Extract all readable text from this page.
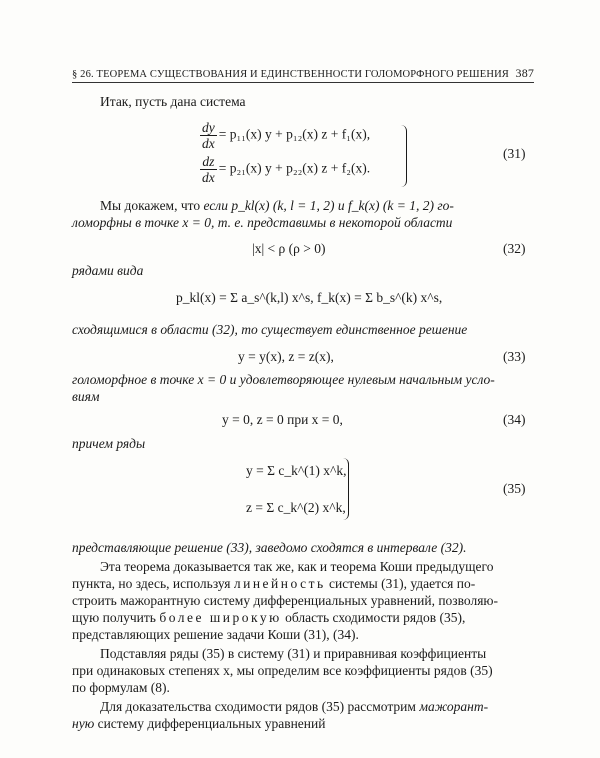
§ 26. ТЕОРЕМА СУЩЕСТВОВАНИЯ И ЕДИНСТВЕННОСТИ ГОЛОМОРФНОГО РЕШЕНИЯ 387
Итак, пусть дана система
$\frac{dy}{dx} = p_{11}(x) y + p_{12}(x) z + f_1(x)$,
$\frac{dz}{dx} = p_{21}(x) y + p_{22}(x) z + f_2(x)$.
(31)
Мы докажем, что если p_kl(x) (k, l = 1, 2) и f_k(x) (k = 1, 2) го-
ломорфны в точке x = 0, т. е. представимы в некоторой области
|x| < ρ (ρ > 0)	(32)
рядами вида
p_kl(x) = Σ a_s^(k,l) x^s, f_k(x) = Σ b_s^(k) x^s,
сходящимися в области (32), то существует единственное решение
y = y(x), z = z(x),	(33)
голоморфное в точке x = 0 и удовлетворяющее нулевым начальным усло-
виям
y = 0, z = 0 при x = 0,	(34)
причем ряды
y = Σ c_k^(1) x^k,
z = Σ c_k^(2) x^k,
(35)
представляющие решение (33), заведомо сходятся в интервале (32).
Эта теорема доказывается так же, как и теорема Коши предыдущего
пункта, но здесь, используя линейность системы (31), удается по-
строить мажорантную систему дифференциальных уравнений, позволяю-
щую получить более широкую область сходимости рядов (35),
представляющих решение задачи Коши (31), (34).
Подставляя ряды (35) в систему (31) и приравнивая коэффициенты
при одинаковых степенях x, мы определим все коэффициенты рядов (35)
по формулам (8).
Для доказательства сходимости рядов (35) рассмотрим мажорант-
ную систему дифференциальных уравнений
